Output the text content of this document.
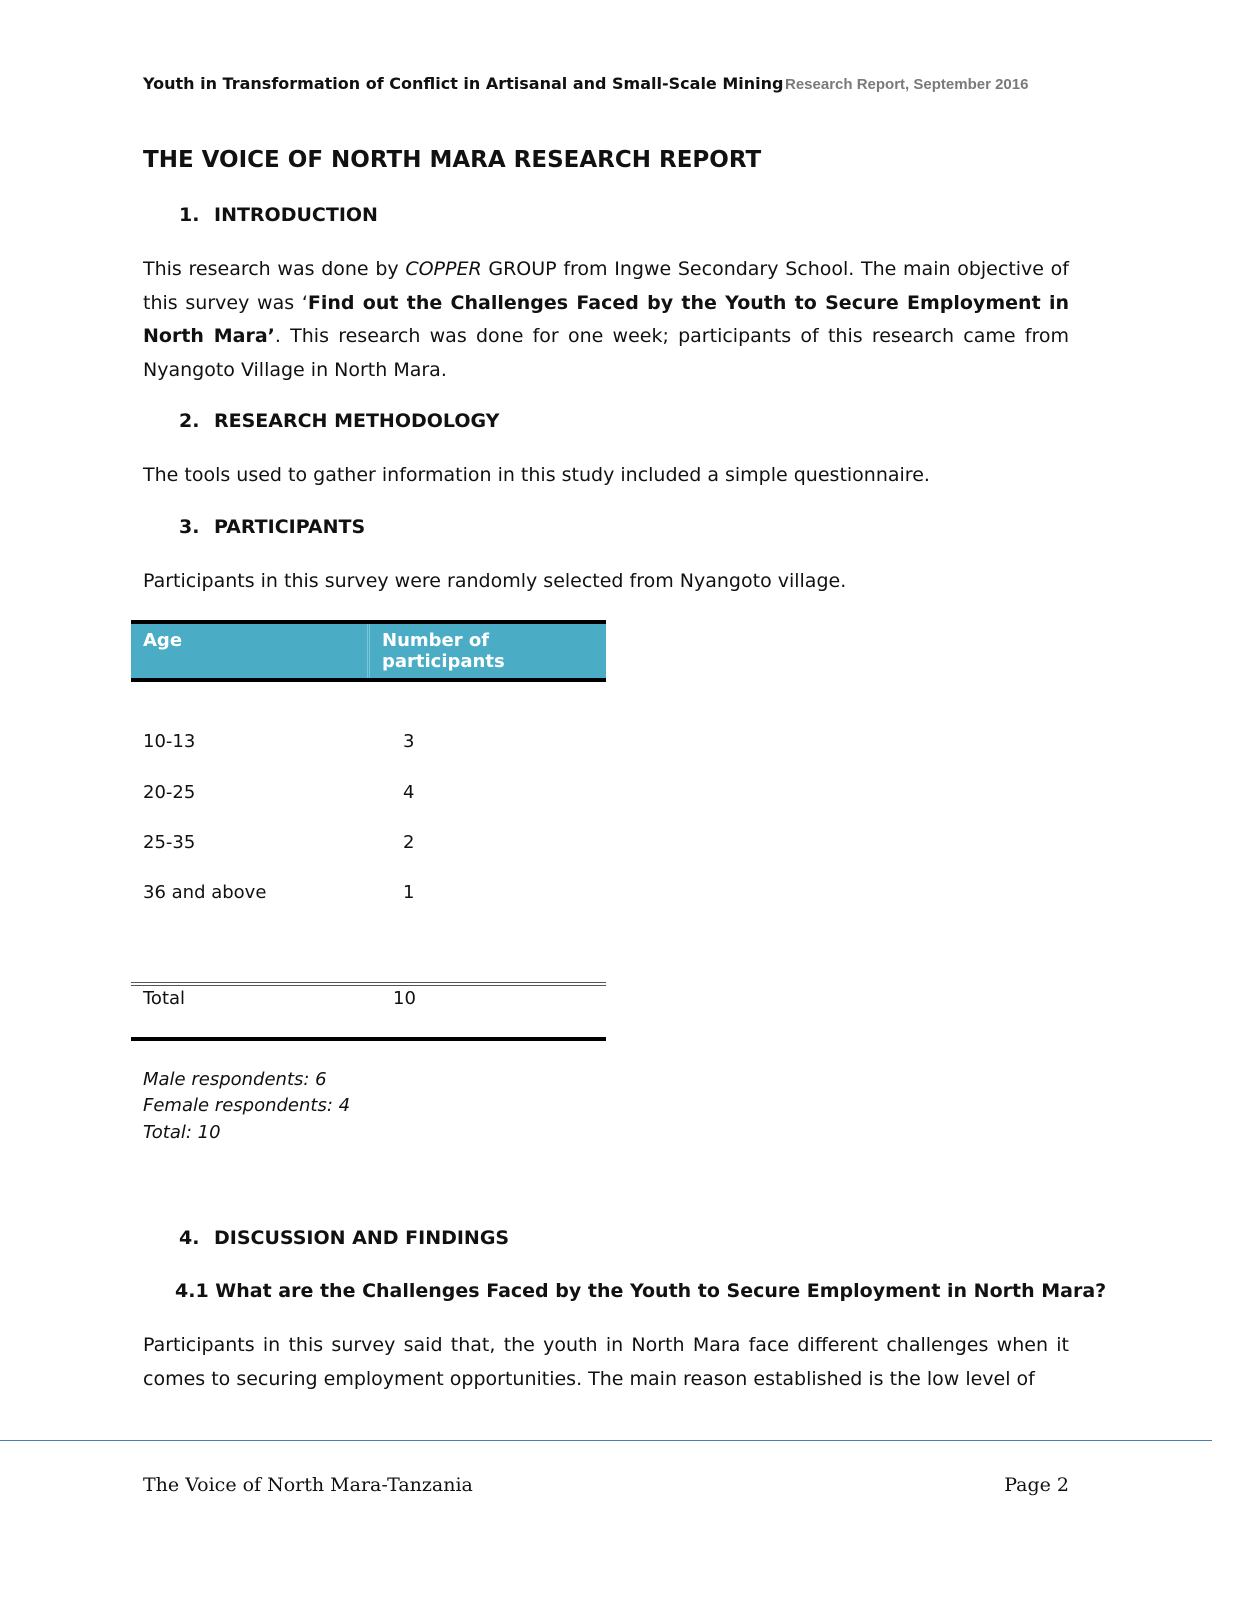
Youth in Transformation of Conflict in Artisanal and Small-Scale Mining Research Report, September 2016
THE VOICE OF NORTH MARA RESEARCH REPORT
1. INTRODUCTION
This research was done by COPPER GROUP from Ingwe Secondary School. The main objective of this survey was ‘Find out the Challenges Faced by the Youth to Secure Employment in North Mara’. This research was done for one week; participants of this research came from Nyangoto Village in North Mara.
2. RESEARCH METHODOLOGY
The tools used to gather information in this study included a simple questionnaire.
3. PARTICIPANTS
Participants in this survey were randomly selected from Nyangoto village.
Age	Number of participants
10-13	3
20-25	4
25-35	2
36 and above	1
Total	10
Male respondents: 6
Female respondents: 4
Total: 10
4. DISCUSSION AND FINDINGS
4.1 What are the Challenges Faced by the Youth to Secure Employment in North Mara?
Participants in this survey said that, the youth in North Mara face different challenges when it comes to securing employment opportunities. The main reason established is the low level of
The Voice of North Mara-Tanzania	Page 2
